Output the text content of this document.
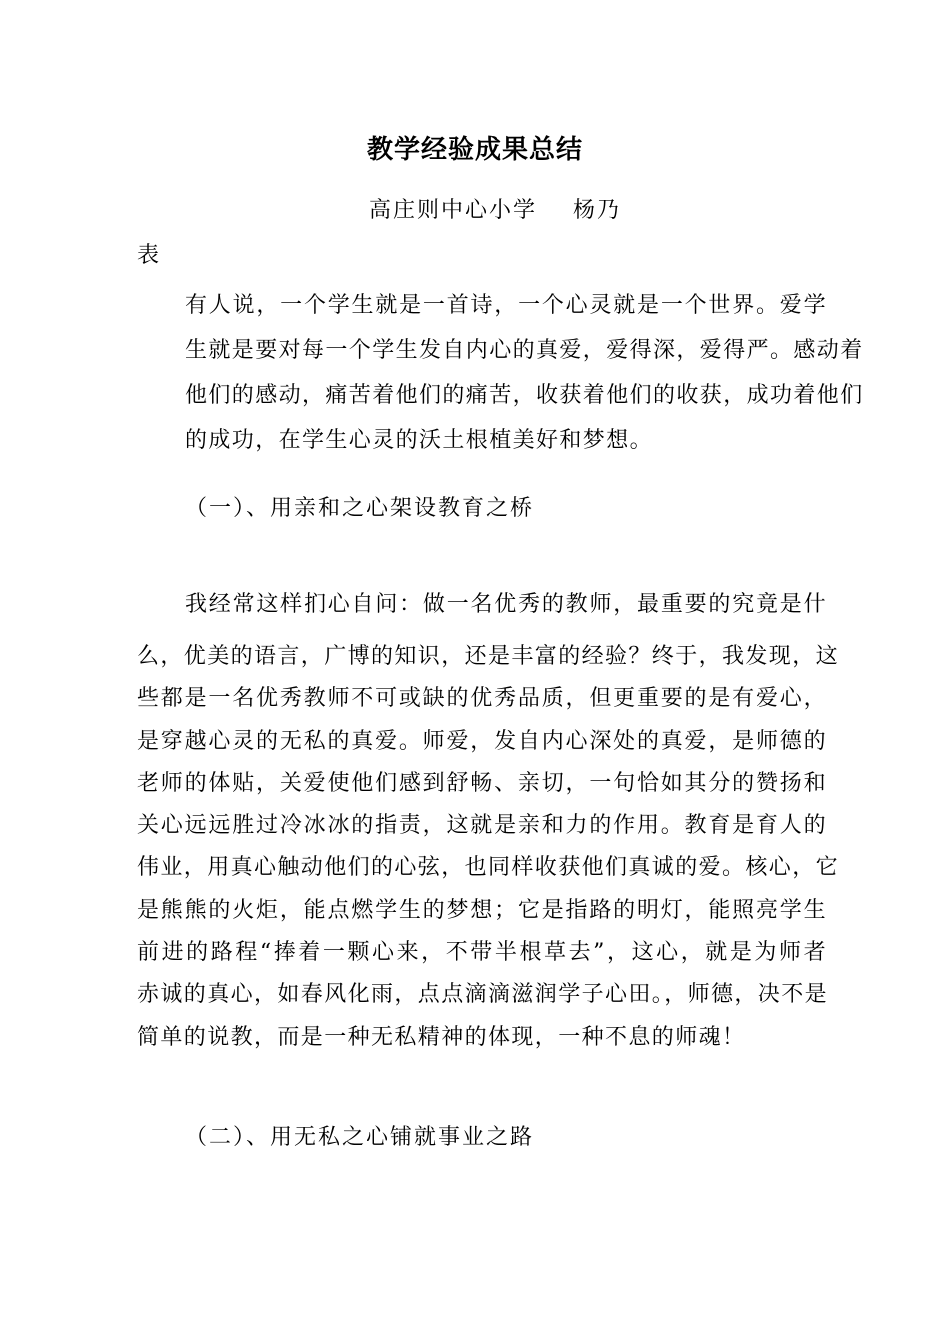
教学经验成果总结
高庄则中心小学    杨乃
表
有人说，一个学生就是一首诗，一个心灵就是一个世界。爱学
生就是要对每一个学生发自内心的真爱，爱得深，爱得严。感动着
他们的感动，痛苦着他们的痛苦，收获着他们的收获，成功着他们
的成功，在学生心灵的沃土根植美好和梦想。
（一）、用亲和之心架设教育之桥
我经常这样扪心自问：做一名优秀的教师，最重要的究竟是什
么，优美的语言，广博的知识，还是丰富的经验？终于，我发现，这
些都是一名优秀教师不可或缺的优秀品质，但更重要的是有爱心，
是穿越心灵的无私的真爱。师爱，发自内心深处的真爱，是师德的
老师的体贴，关爱使他们感到舒畅、亲切，一句恰如其分的赞扬和
关心远远胜过冷冰冰的指责，这就是亲和力的作用。教育是育人的
伟业，用真心触动他们的心弦，也同样收获他们真诚的爱。核心，它
是熊熊的火炬，能点燃学生的梦想；它是指路的明灯，能照亮学生
前进的路程“捧着一颗心来，不带半根草去”，这心，就是为师者
赤诚的真心，如春风化雨，点点滴滴滋润学子心田。，师德，决不是
简单的说教，而是一种无私精神的体现，一种不息的师魂！
（二）、用无私之心铺就事业之路
